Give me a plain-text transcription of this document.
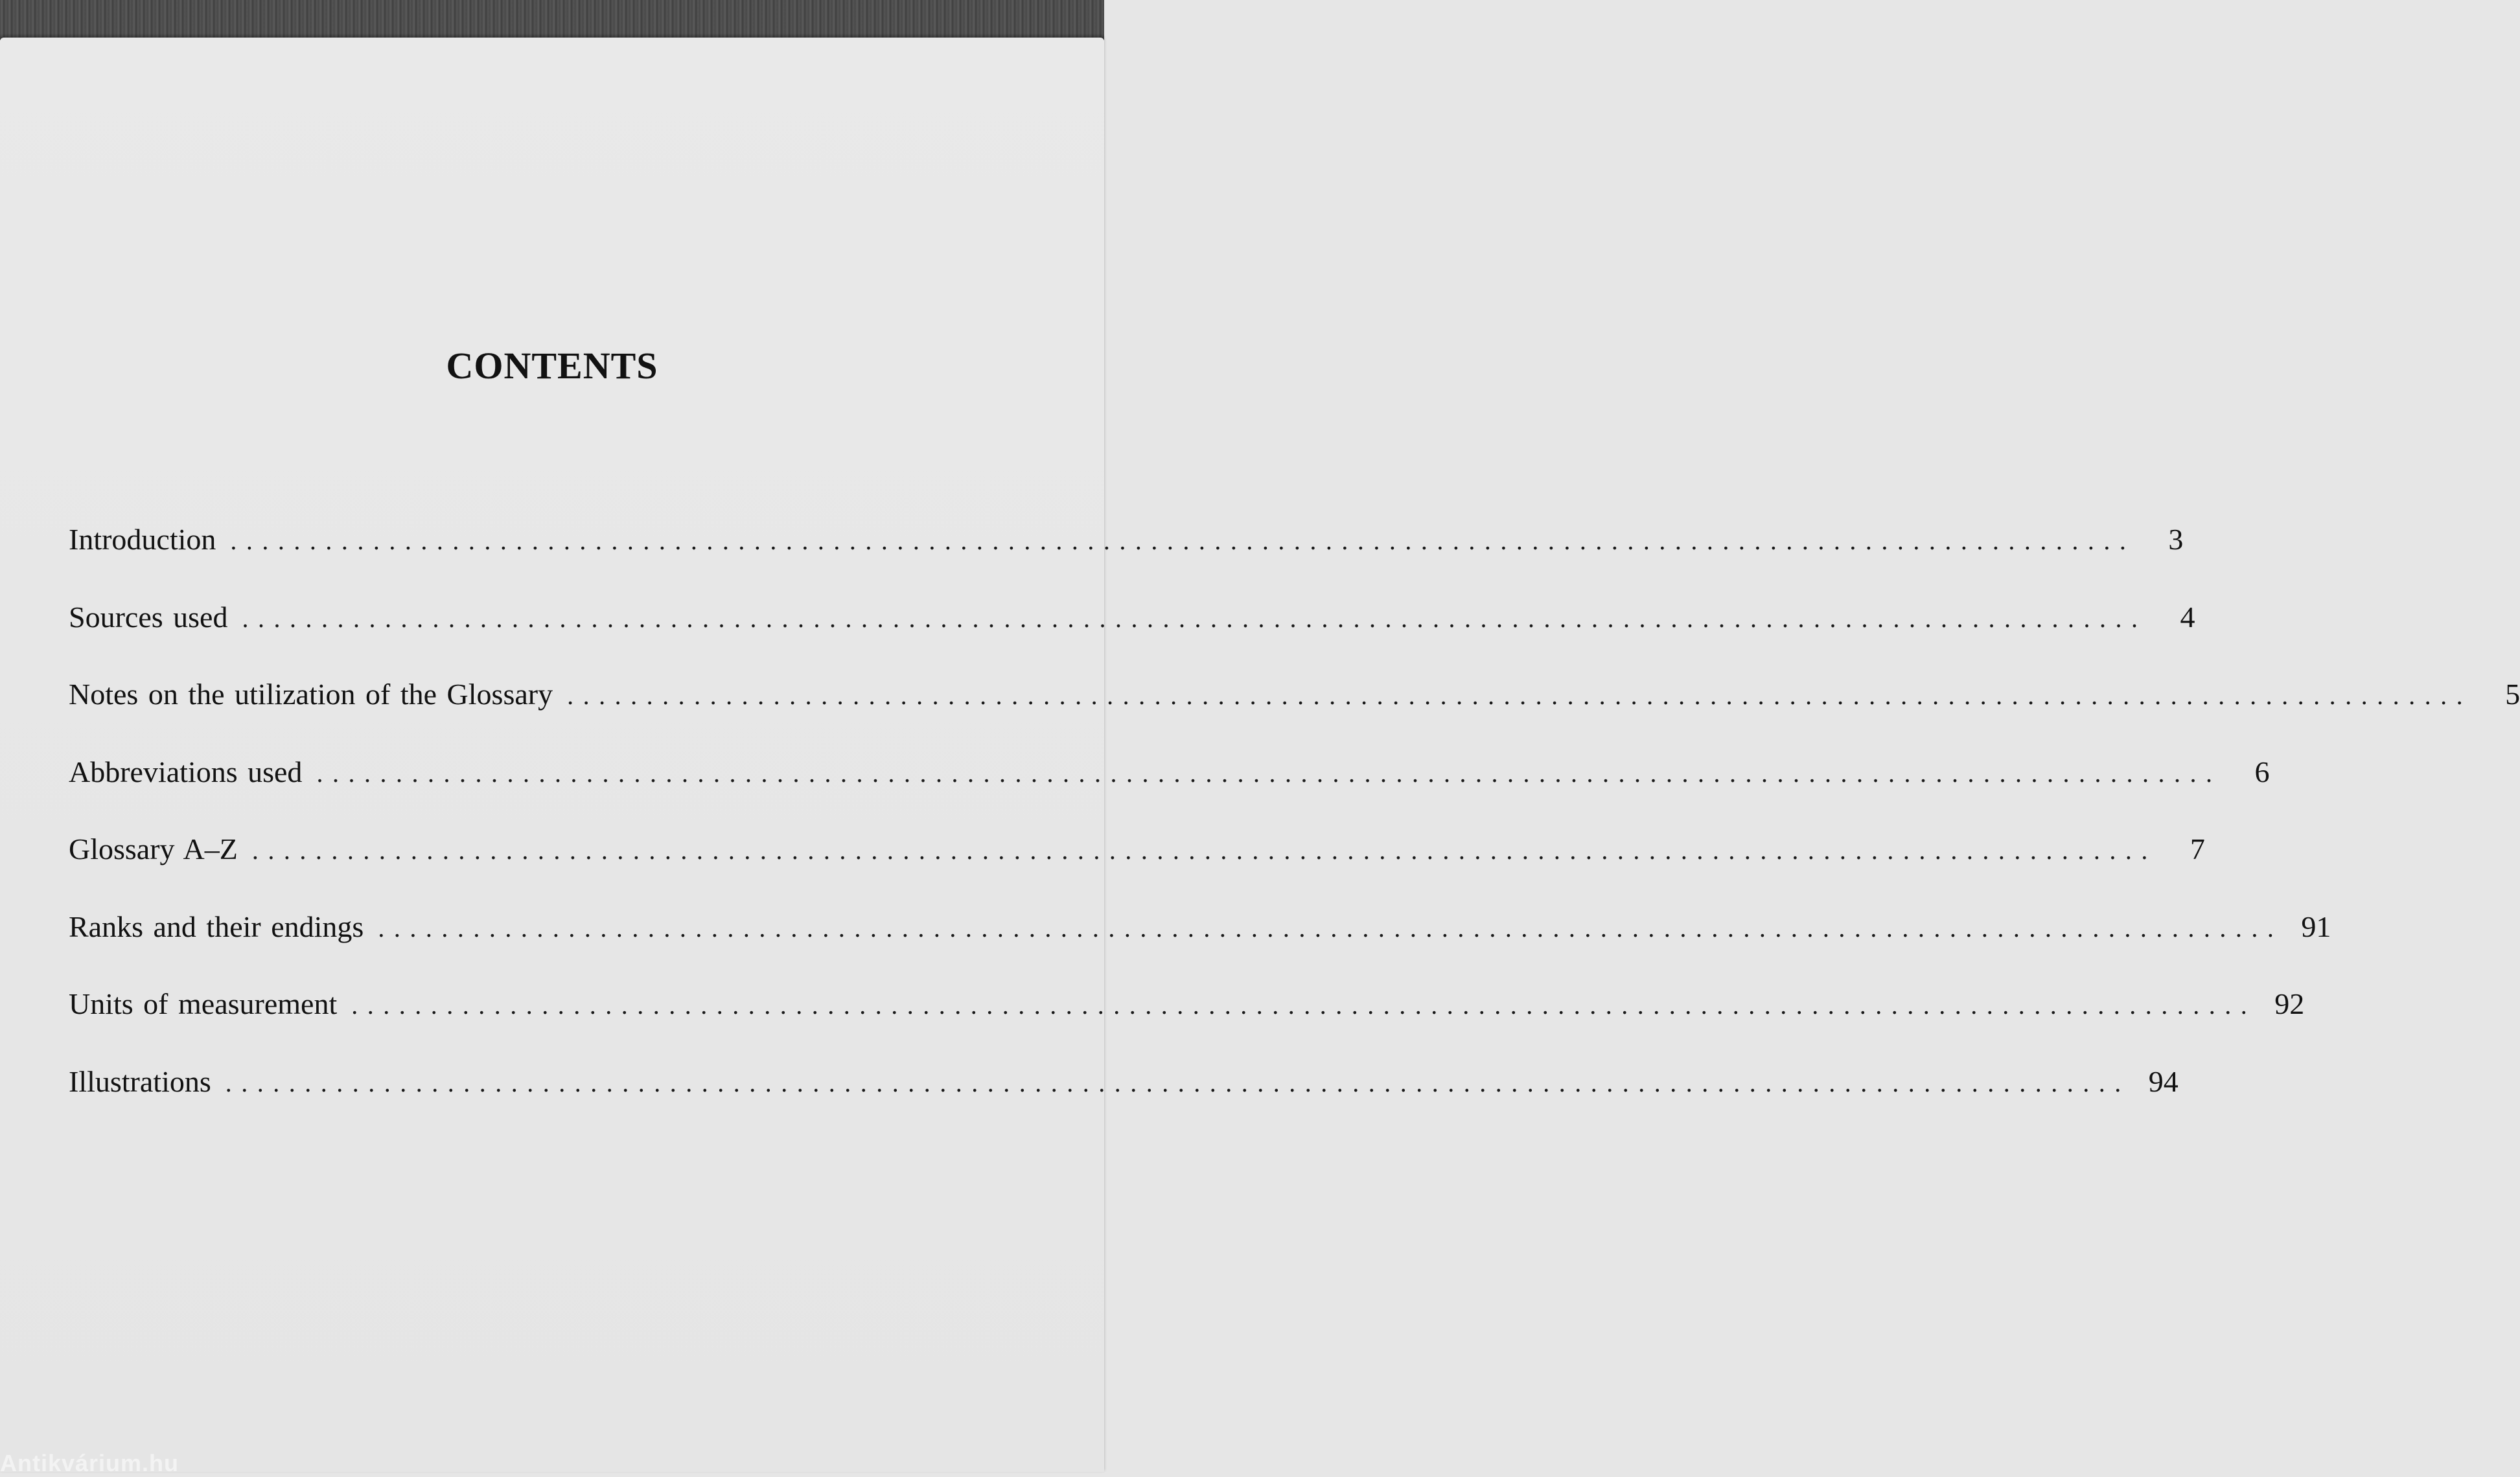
CONTENTS
Introduction ........................................................................................................................	3
Sources used ........................................................................................................................	4
Notes on the utilization of the Glossary ........................................................................................................................	5
Abbreviations used ........................................................................................................................	6
Glossary A–Z ........................................................................................................................	7
Ranks and their endings ........................................................................................................................ 91
Units of measurement ........................................................................................................................ 92
Illustrations ........................................................................................................................ 94
Antikvárium.hu
